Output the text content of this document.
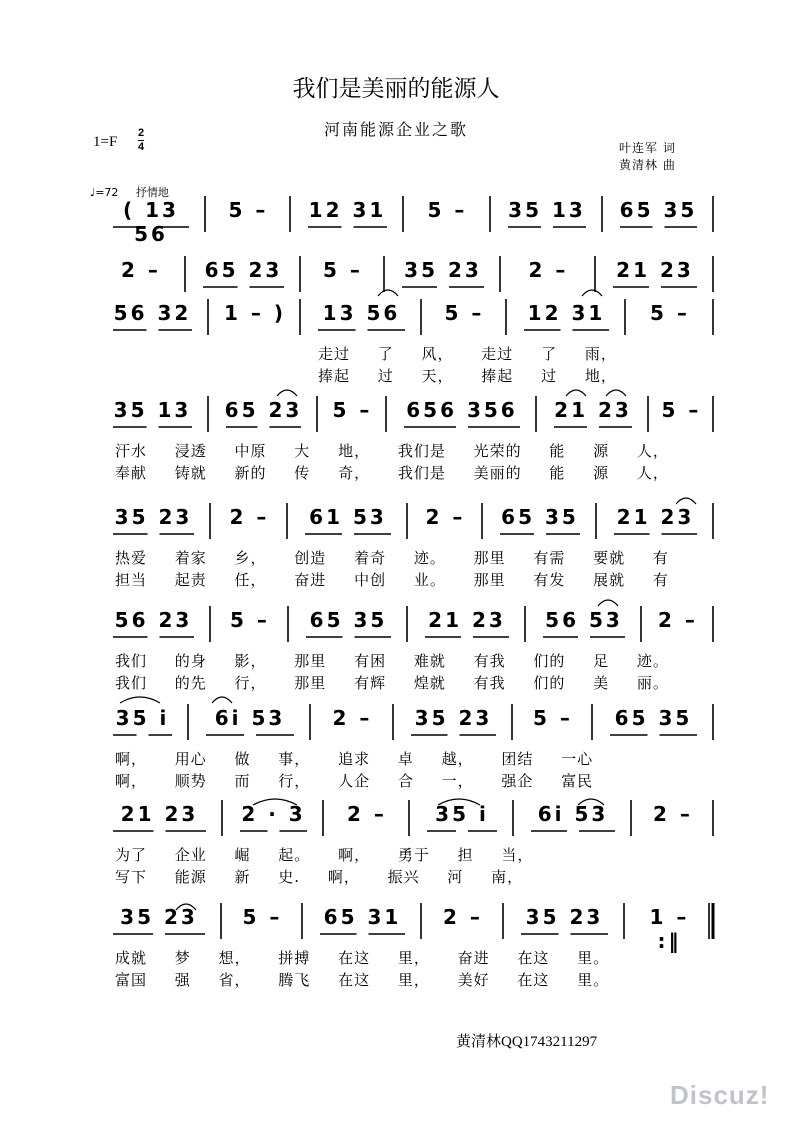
我们是美丽的能源人
河南能源企业之歌
1=F
2
4	叶连军 词
黄清林 曲
♩=72 抒情地
( 13 56
5 –	12 31	5 –	35 13	65 35
2 –	65 23	5 –	35 23	2 –	21 23
56 32	1 – )	13 56	5 –	12 31	5 –
走过 了 风， 走过 了 雨，
捧起 过 天， 捧起 过 地，
35 13	65 23 5 –	656 356	21 23	5 –
汗水 浸透 中原 大 地， 我们是 光荣的 能 源 人，
奉献 铸就 新的 传 奇， 我们是 美丽的 能 源 人，
35 23	2 –	61 53	2 –	65 35	21 23
热爱 着家 乡， 创造 着奇 迹。 那里 有需 要就 有
担当 起责 任， 奋进 中创 业。 那里 有发 展就 有
56 23	5 –	65 35	21 23	56 53	2 –
我们 的身 影， 那里 有困 难就 有我 们的 足 迹。
我们 的先 行， 那里 有辉 煌就 有我 们的 美 丽。
35 i	6i 53	2 –	35 23	5 –	65 35
啊， 用心 做 事， 追求 卓 越， 团结 一心
啊， 顺势 而 行， 人企 合 一， 强企 富民
21 23	2 · 3	2 –	35 i	6i 53	2 –
为了 企业 崛 起。 啊， 勇于 担 当，
写下 能源 新 史. 啊， 振兴 河 南，
35 23	5 –	65 31	2 –	35 23	1 – :‖
成就 梦 想， 拼搏 在这 里， 奋进 在这 里。
富国 强 省， 腾飞 在这 里， 美好 在这 里。
黄清林QQ1743211297
Discuz!
